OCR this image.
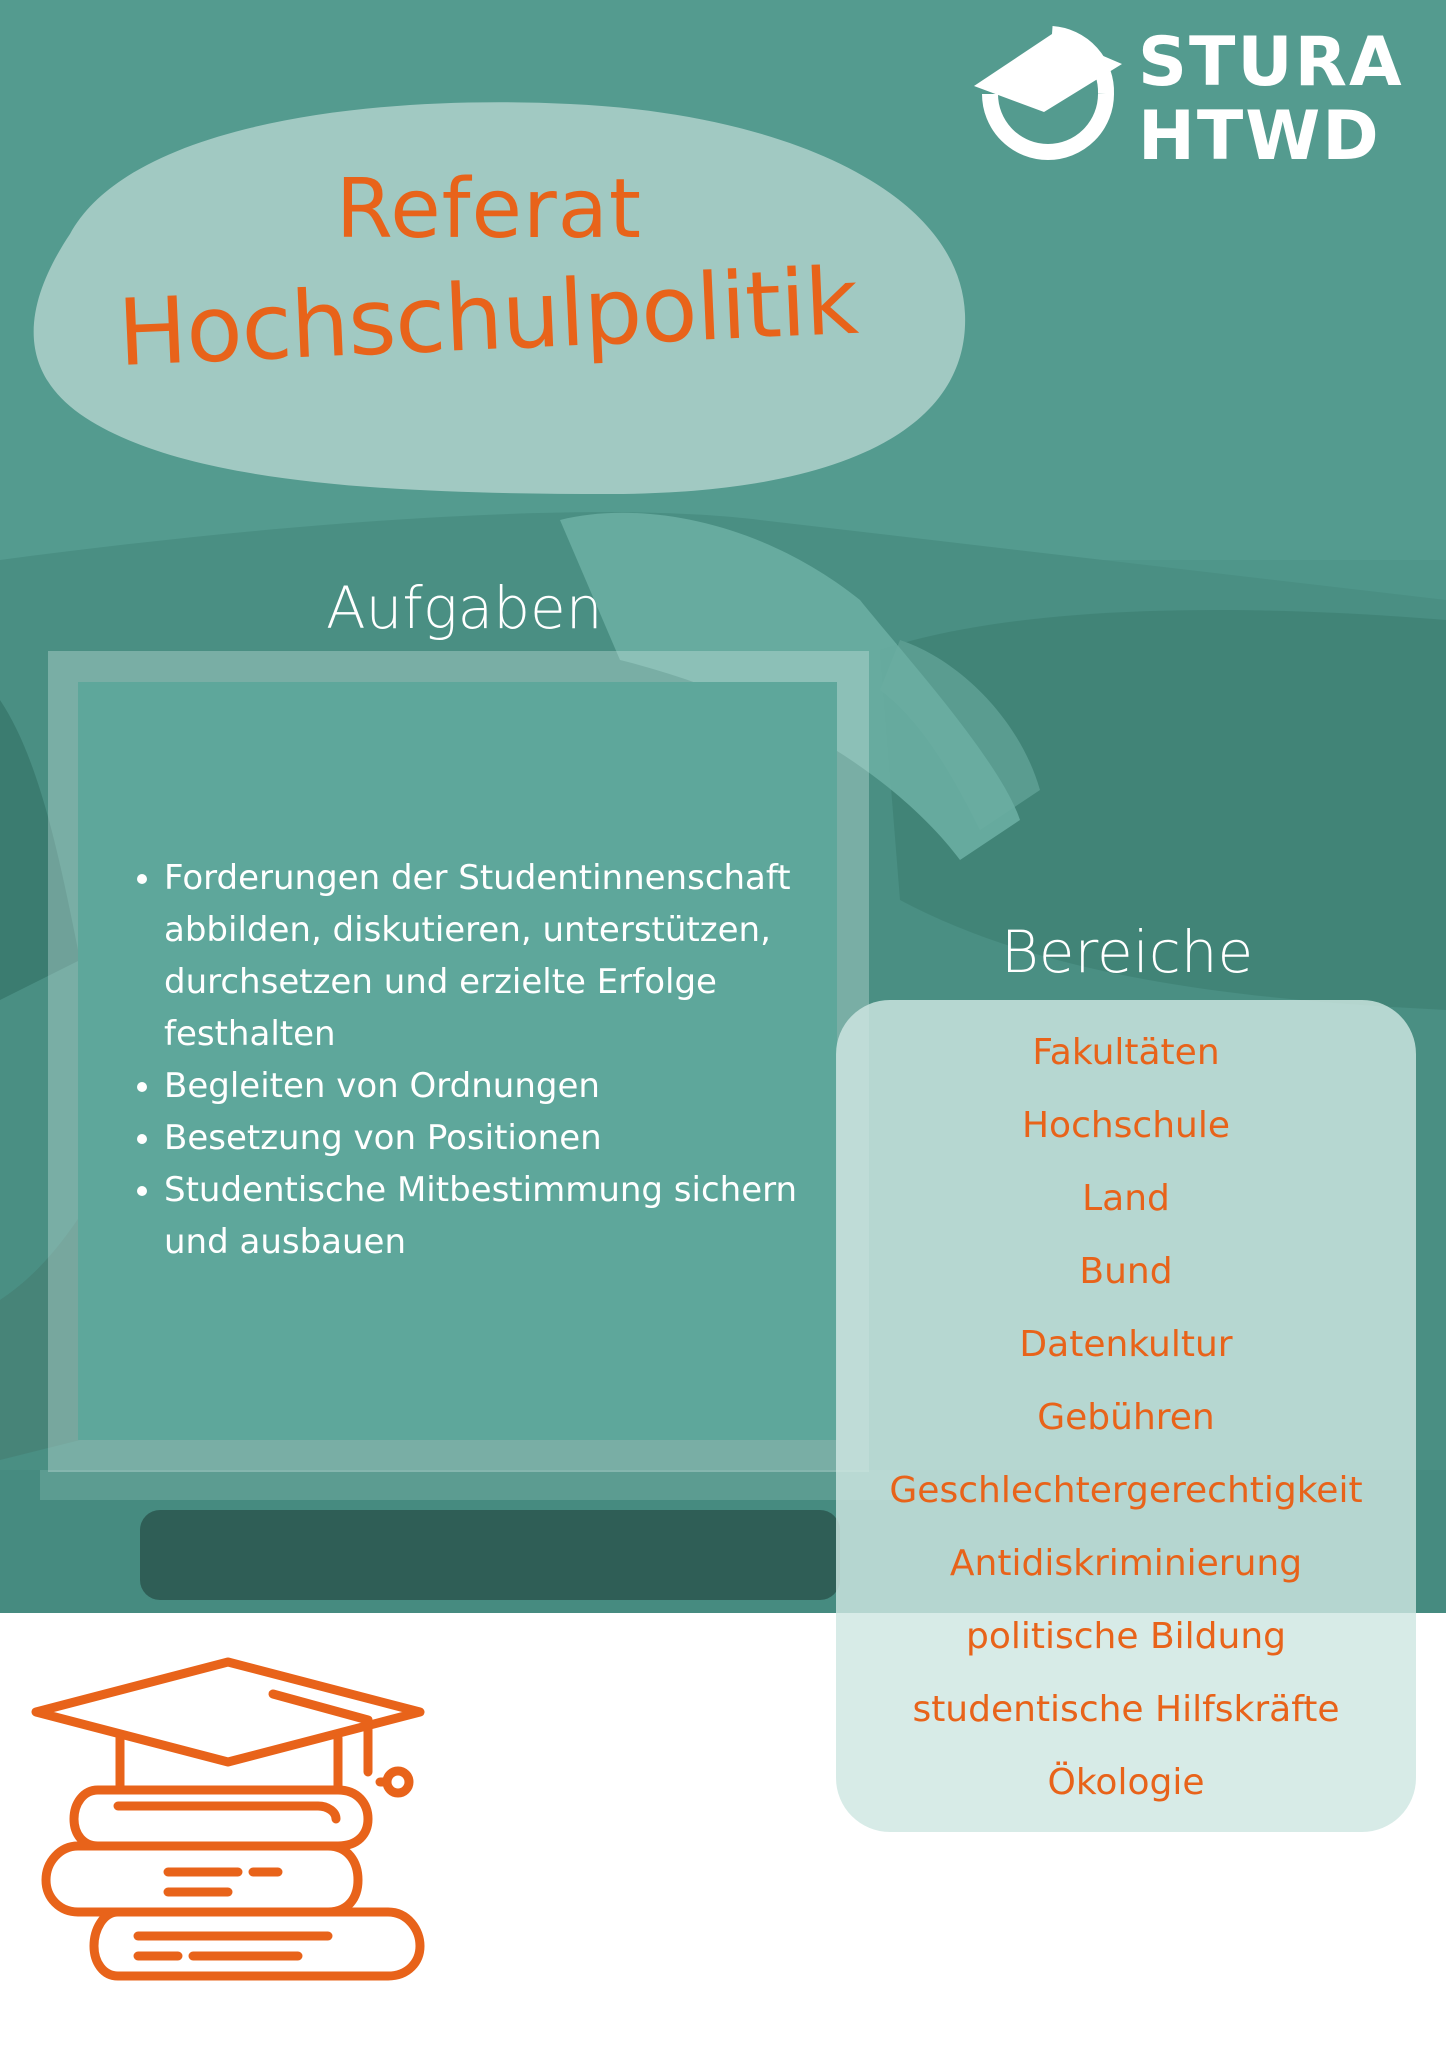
STURA
HTWD
Referat
Hochschulpolitik
Aufgaben
• Forderungen der Studentinnenschaft abbilden, diskutieren, unterstützen, durchsetzen und erzielte Erfolge festhalten
• Begleiten von Ordnungen
• Besetzung von Positionen
• Studentische Mitbestimmung sichern und ausbauen
Bereiche
Fakultäten
Hochschule
Land
Bund
Datenkultur
Gebühren
Geschlechtergerechtigkeit
Antidiskriminierung
politische Bildung
studentische Hilfskräfte
Ökologie
